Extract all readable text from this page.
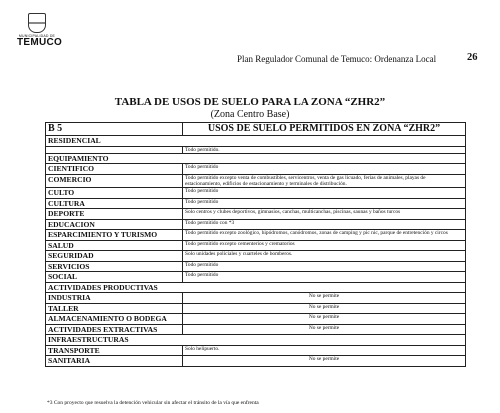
MUNICIPALIDAD DE
TEMUCO
Plan Regulador Comunal de Temuco: Ordenanza Local	26
TABLA DE USOS DE SUELO PARA LA ZONA “ZHR2”
(Zona Centro Base)
B 5	USOS DE SUELO PERMITIDOS EN ZONA “ZHR2”
RESIDENCIAL	
	Todo permitido.
EQUIPAMIENTO	
CIENTIFICO	Todo permitido
COMERCIO	Todo permitido excepto venta de combustibles, servicentros, venta de gas licuado, ferias de animales, playas de estacionamiento, edificios de estacionamiento y terminales de distribución.
CULTO	Todo permitido
CULTURA	Todo permitido
DEPORTE	Solo centros y clubes deportivos, gimnasios, canchas, multicanchas, piscinas, saunas y baños turcos
EDUCACION	Todo permitido con *3
ESPARCIMIENTO Y TURISMO	Todo permitido excepto zoológico, hipódromos, canódromos, zonas de camping y pic nic, parque de entretención y circos
SALUD	Todo permitido excepto cementerios y crematorios
SEGURIDAD	Solo unidades policiales y cuarteles de bomberos.
SERVICIOS	Todo permitido
SOCIAL	Todo permitido
ACTIVIDADES PRODUCTIVAS	
INDUSTRIA	No se permite
TALLER	No se permite
ALMACENAMIENTO O BODEGA	No se permite
ACTIVIDADES EXTRACTIVAS	No se permite
INFRAESTRUCTURAS	
TRANSPORTE	Solo helipuerto.
SANITARIA	No se permite
*3 Con proyecto que resuelva la detención vehicular sin afectar el tránsito de la vía que enfrenta
